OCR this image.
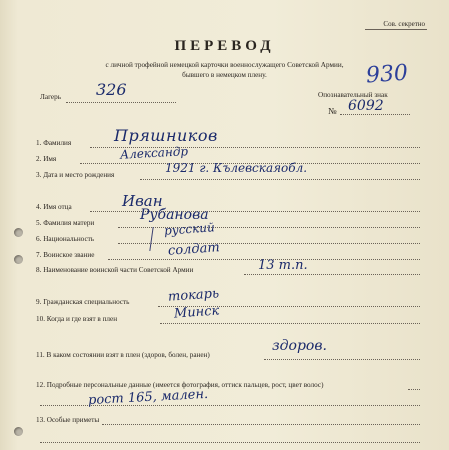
Сов. секретно
ПЕРЕВОД
с личной трофейной немецкой карточки военнослужащего Советской Армии,
бывшего в немецком плену.
Лагерь 326	Опознавательный знак
№ 6092
930
1. Фамилия	Пряшников
2. Имя	Александр
3. Дата и место рождения	1921 г. Кълевскаяобл.
4. Имя отца	Иван
5. Фамилия матери	Рубанова
6. Национальность
русский
7. Воинское звание	солдат
8. Наименование воинской части Советской Армии	13 т.п.
9. Гражданская специальность	токарь
10. Когда и где взят в плен	Минск
11. В каком состоянии взят в плен (здоров, болен, ранен)
здоров.
12. Подробные персональные данные (имеется фотография, оттиск пальцев, рост, цвет волос)
рост 165, мален.
13. Особые приметы
